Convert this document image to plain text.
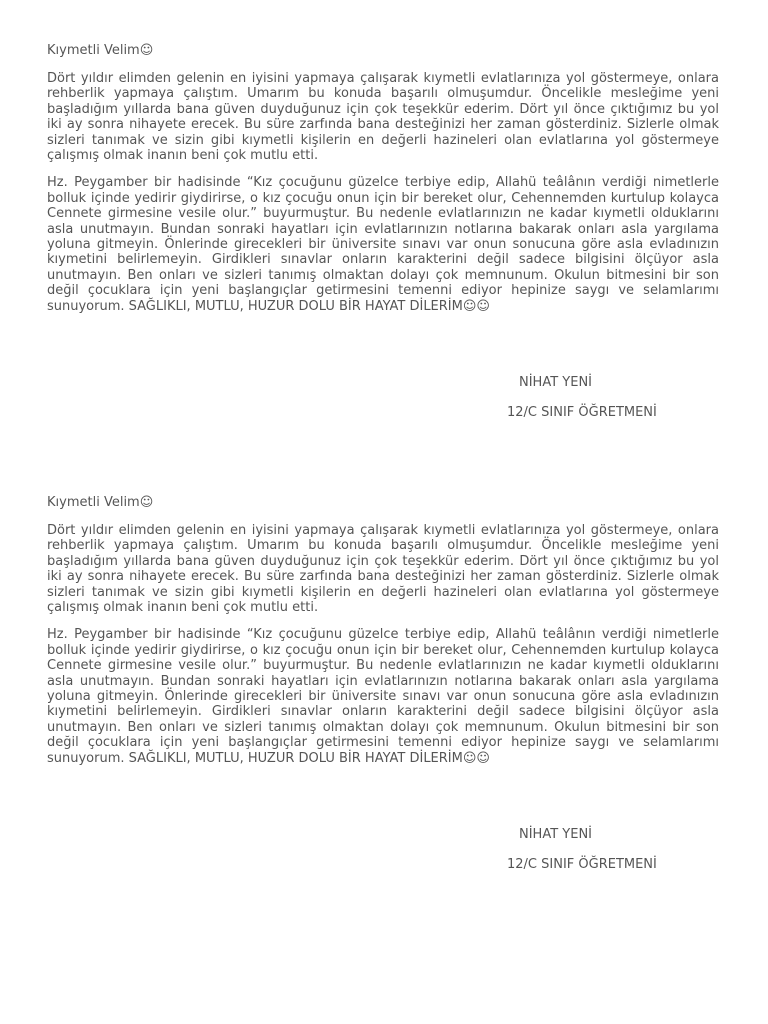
Kıymetli Velim☺

Dört yıldır elimden gelenin en iyisini yapmaya çalışarak kıymetli evlatlarınıza yol göstermeye, onlara rehberlik yapmaya çalıştım. Umarım bu konuda başarılı olmuşumdur. Öncelikle mesleğime yeni başladığım yıllarda bana güven duyduğunuz için çok teşekkür ederim. Dört yıl önce çıktığımız bu yol iki ay sonra nihayete erecek. Bu süre zarfında bana desteğinizi her zaman gösterdiniz. Sizlerle olmak sizleri tanımak ve sizin gibi kıymetli kişilerin en değerli hazineleri olan evlatlarına yol göstermeye çalışmış olmak inanın beni çok mutlu etti.

Hz. Peygamber bir hadisinde “Kız çocuğunu güzelce terbiye edip, Allahü teâlânın verdiği nimetlerle bolluk içinde yedirir giydirirse, o kız çocuğu onun için bir bereket olur, Cehennemden kurtulup kolayca Cennete girmesine vesile olur.” buyurmuştur. Bu nedenle evlatlarınızın ne kadar kıymetli olduklarını asla unutmayın. Bundan sonraki hayatları için evlatlarınızın notlarına bakarak onları asla yargılama yoluna gitmeyin. Önlerinde girecekleri bir üniversite sınavı var onun sonucuna göre asla evladınızın kıymetini belirlemeyin. Girdikleri sınavlar onların karakterini değil sadece bilgisini ölçüyor asla unutmayın. Ben onları ve sizleri tanımış olmaktan dolayı çok memnunum. Okulun bitmesini bir son değil çocuklara için yeni başlangıçlar getirmesini temenni ediyor hepinize saygı ve selamlarımı sunuyorum. SAĞLIKLI, MUTLU, HUZUR DOLU BİR HAYAT DİLERİM☺☺

NİHAT YENİ
12/C SINIF ÖĞRETMENİ

Kıymetli Velim☺

Dört yıldır elimden gelenin en iyisini yapmaya çalışarak kıymetli evlatlarınıza yol göstermeye, onlara rehberlik yapmaya çalıştım. Umarım bu konuda başarılı olmuşumdur. Öncelikle mesleğime yeni başladığım yıllarda bana güven duyduğunuz için çok teşekkür ederim. Dört yıl önce çıktığımız bu yol iki ay sonra nihayete erecek. Bu süre zarfında bana desteğinizi her zaman gösterdiniz. Sizlerle olmak sizleri tanımak ve sizin gibi kıymetli kişilerin en değerli hazineleri olan evlatlarına yol göstermeye çalışmış olmak inanın beni çok mutlu etti.

Hz. Peygamber bir hadisinde “Kız çocuğunu güzelce terbiye edip, Allahü teâlânın verdiği nimetlerle bolluk içinde yedirir giydirirse, o kız çocuğu onun için bir bereket olur, Cehennemden kurtulup kolayca Cennete girmesine vesile olur.” buyurmuştur. Bu nedenle evlatlarınızın ne kadar kıymetli olduklarını asla unutmayın. Bundan sonraki hayatları için evlatlarınızın notlarına bakarak onları asla yargılama yoluna gitmeyin. Önlerinde girecekleri bir üniversite sınavı var onun sonucuna göre asla evladınızın kıymetini belirlemeyin. Girdikleri sınavlar onların karakterini değil sadece bilgisini ölçüyor asla unutmayın. Ben onları ve sizleri tanımış olmaktan dolayı çok memnunum. Okulun bitmesini bir son değil çocuklara için yeni başlangıçlar getirmesini temenni ediyor hepinize saygı ve selamlarımı sunuyorum. SAĞLIKLI, MUTLU, HUZUR DOLU BİR HAYAT DİLERİM☺☺

NİHAT YENİ
12/C SINIF ÖĞRETMENİ
